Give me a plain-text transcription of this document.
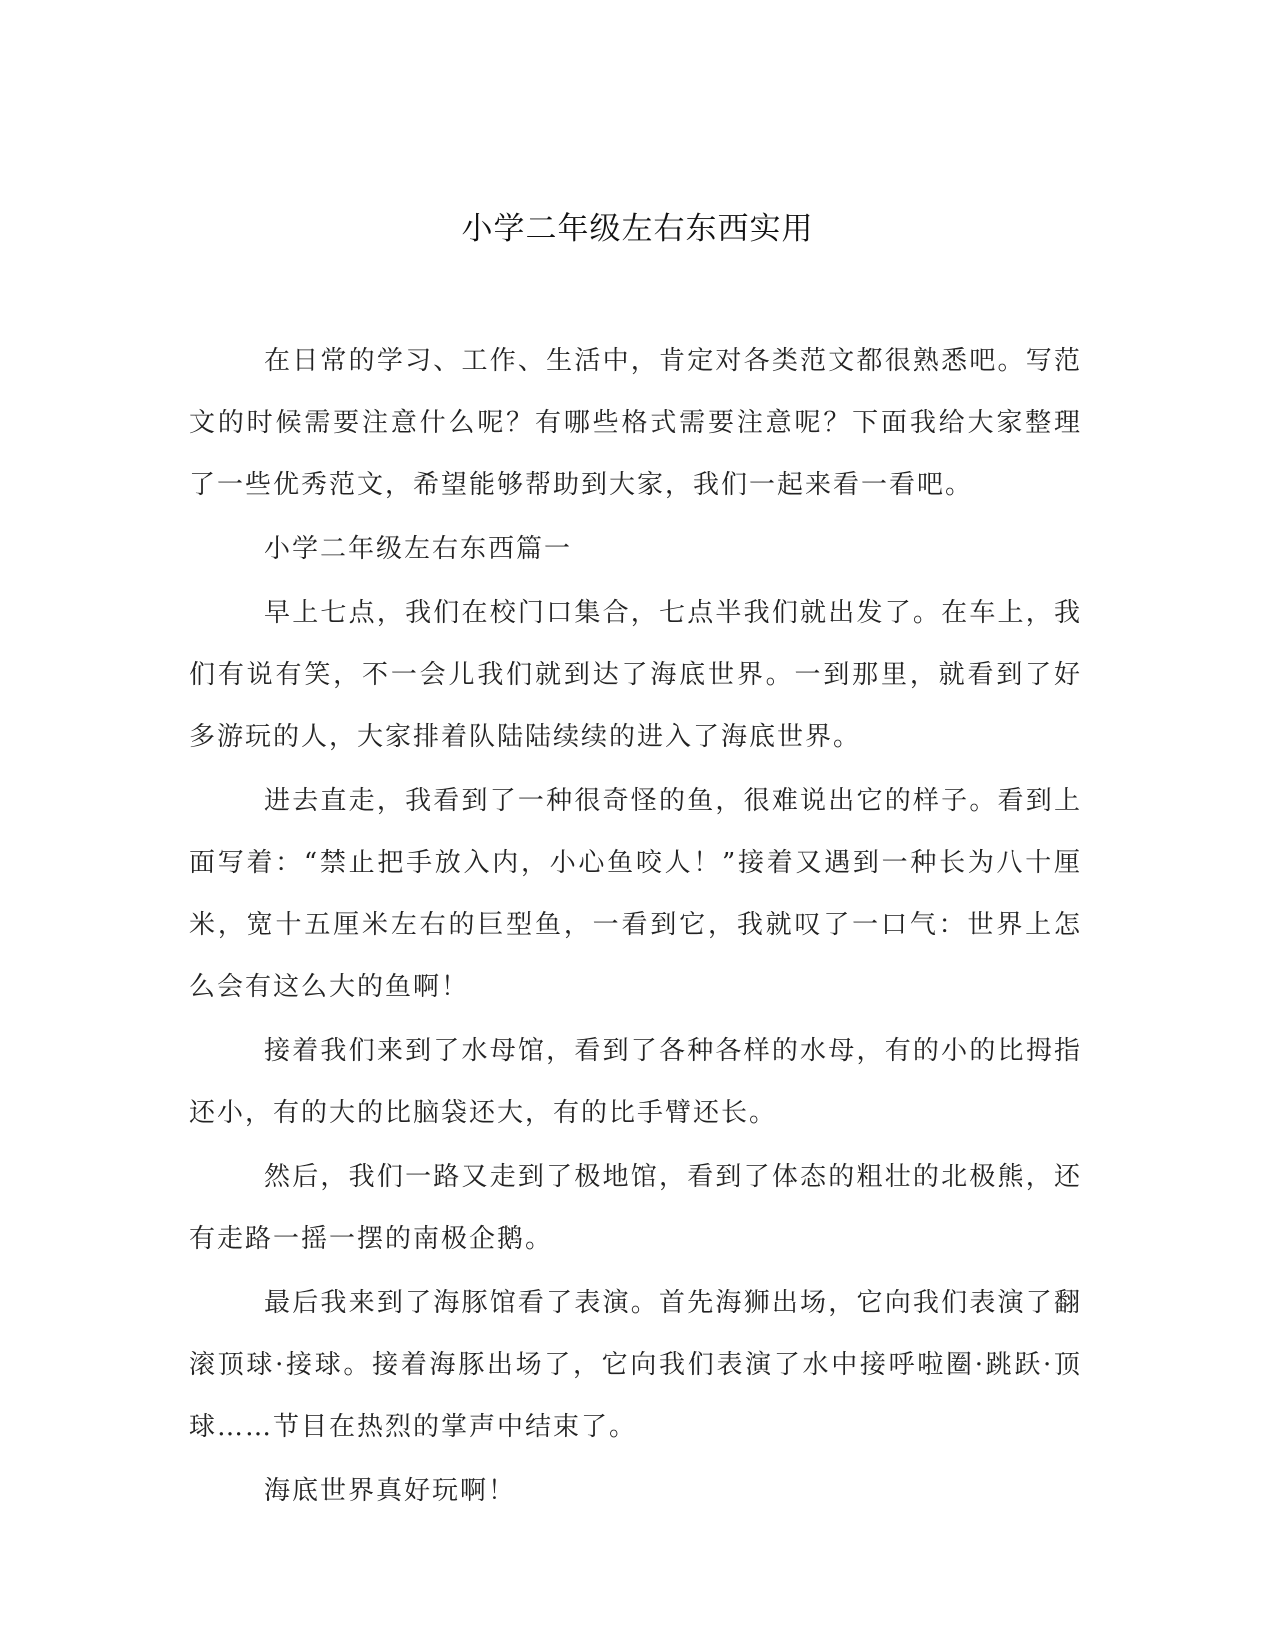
小学二年级左右东西实用

在日常的学习、工作、生活中，肯定对各类范文都很熟悉吧。写范文的时候需要注意什么呢？有哪些格式需要注意呢？下面我给大家整理了一些优秀范文，希望能够帮助到大家，我们一起来看一看吧。

小学二年级左右东西篇一

早上七点，我们在校门口集合，七点半我们就出发了。在车上，我们有说有笑，不一会儿我们就到达了海底世界。一到那里，就看到了好多游玩的人，大家排着队陆陆续续的进入了海底世界。

进去直走，我看到了一种很奇怪的鱼，很难说出它的样子。看到上面写着：“禁止把手放入内，小心鱼咬人！”接着又遇到一种长为八十厘米，宽十五厘米左右的巨型鱼，一看到它，我就叹了一口气：世界上怎么会有这么大的鱼啊！

接着我们来到了水母馆，看到了各种各样的水母，有的小的比拇指还小，有的大的比脑袋还大，有的比手臂还长。

然后，我们一路又走到了极地馆，看到了体态的粗壮的北极熊，还有走路一摇一摆的南极企鹅。

最后我来到了海豚馆看了表演。首先海狮出场，它向我们表演了翻滚顶球·接球。接着海豚出场了，它向我们表演了水中接呼啦圈·跳跃·顶球……节目在热烈的掌声中结束了。

海底世界真好玩啊！
